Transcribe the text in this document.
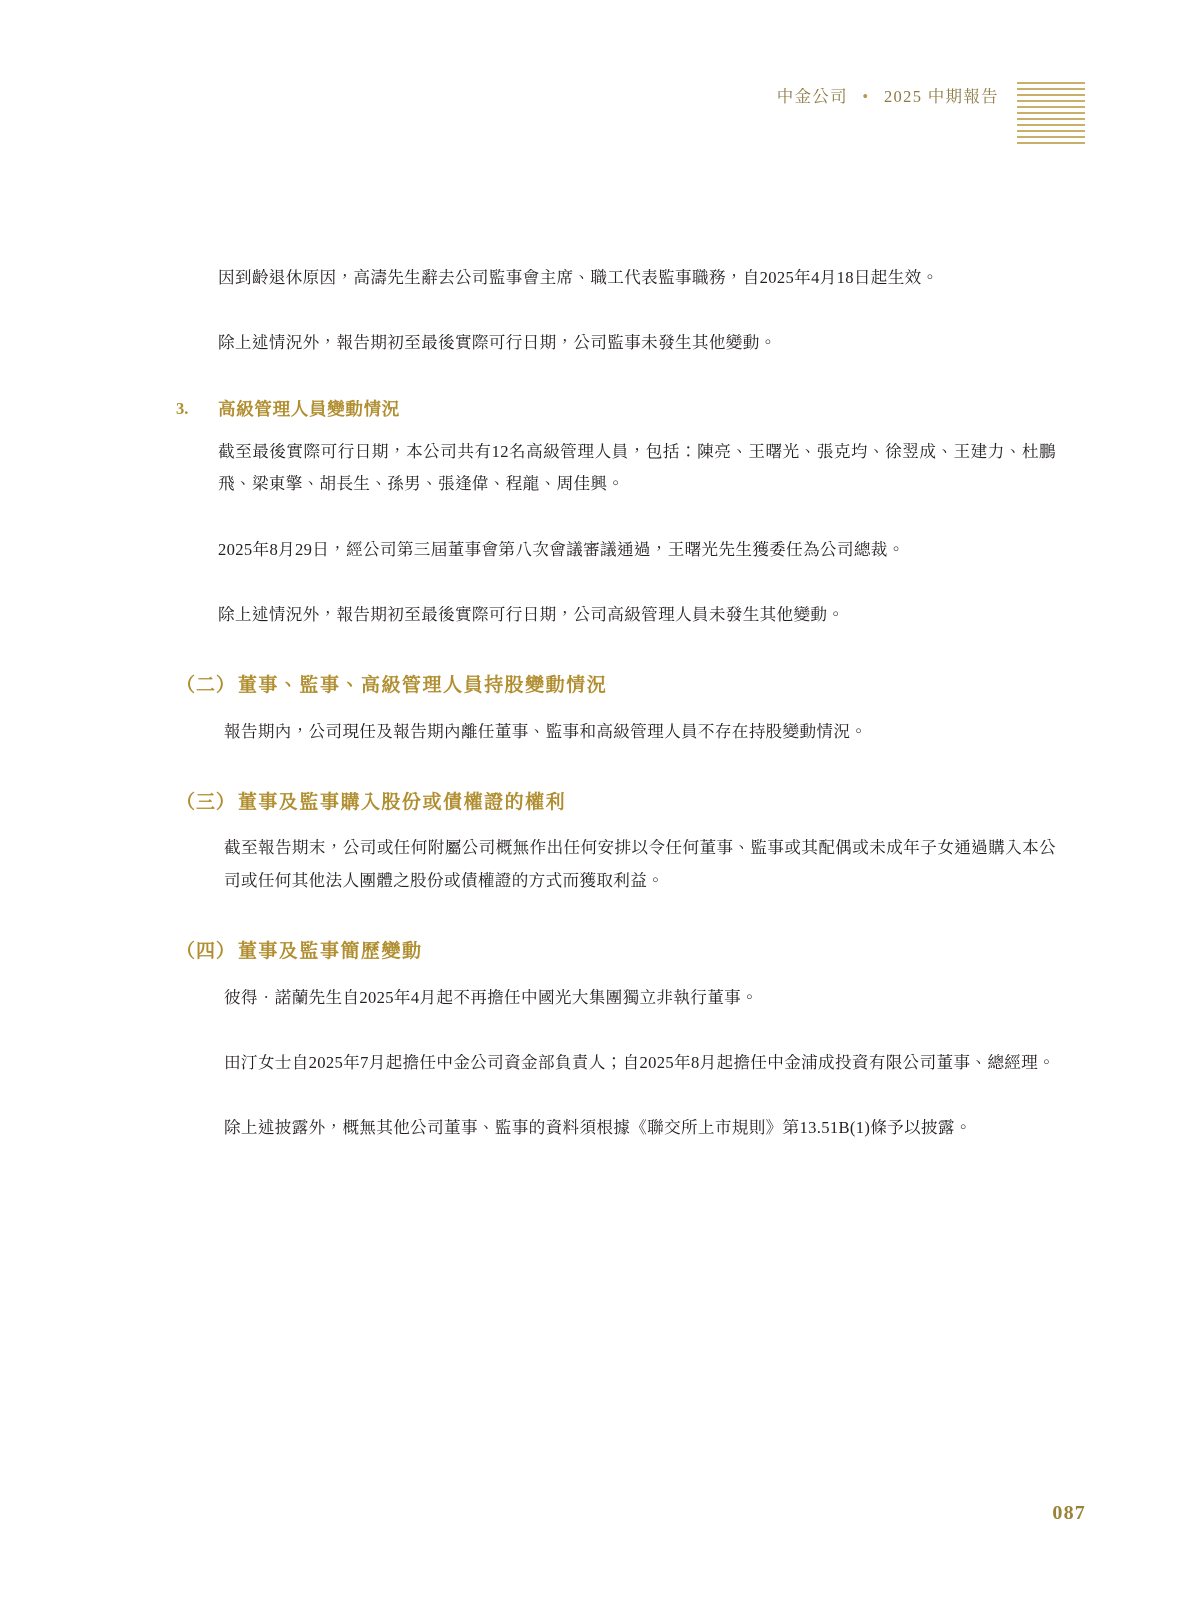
中金公司 • 2025 中期報告

因到齡退休原因，高濤先生辭去公司監事會主席、職工代表監事職務，自2025年4月18日起生效。

除上述情況外，報告期初至最後實際可行日期，公司監事未發生其他變動。

3.	高級管理人員變動情況

截至最後實際可行日期，本公司共有12名高級管理人員，包括：陳亮、王曙光、張克均、徐翌成、王建力、杜鵬飛、梁東擎、胡長生、孫男、張逢偉、程龍、周佳興。

2025年8月29日，經公司第三屆董事會第八次會議審議通過，王曙光先生獲委任為公司總裁。

除上述情況外，報告期初至最後實際可行日期，公司高級管理人員未發生其他變動。

（二） 董事、監事、高級管理人員持股變動情況

報告期內，公司現任及報告期內離任董事、監事和高級管理人員不存在持股變動情況。

（三） 董事及監事購入股份或債權證的權利

截至報告期末，公司或任何附屬公司概無作出任何安排以令任何董事、監事或其配偶或未成年子女通過購入本公司或任何其他法人團體之股份或債權證的方式而獲取利益。

（四） 董事及監事簡歷變動

彼得‧諾蘭先生自2025年4月起不再擔任中國光大集團獨立非執行董事。

田汀女士自2025年7月起擔任中金公司資金部負責人；自2025年8月起擔任中金浦成投資有限公司董事、總經理。

除上述披露外，概無其他公司董事、監事的資料須根據《聯交所上市規則》第13.51B(1)條予以披露。

087
